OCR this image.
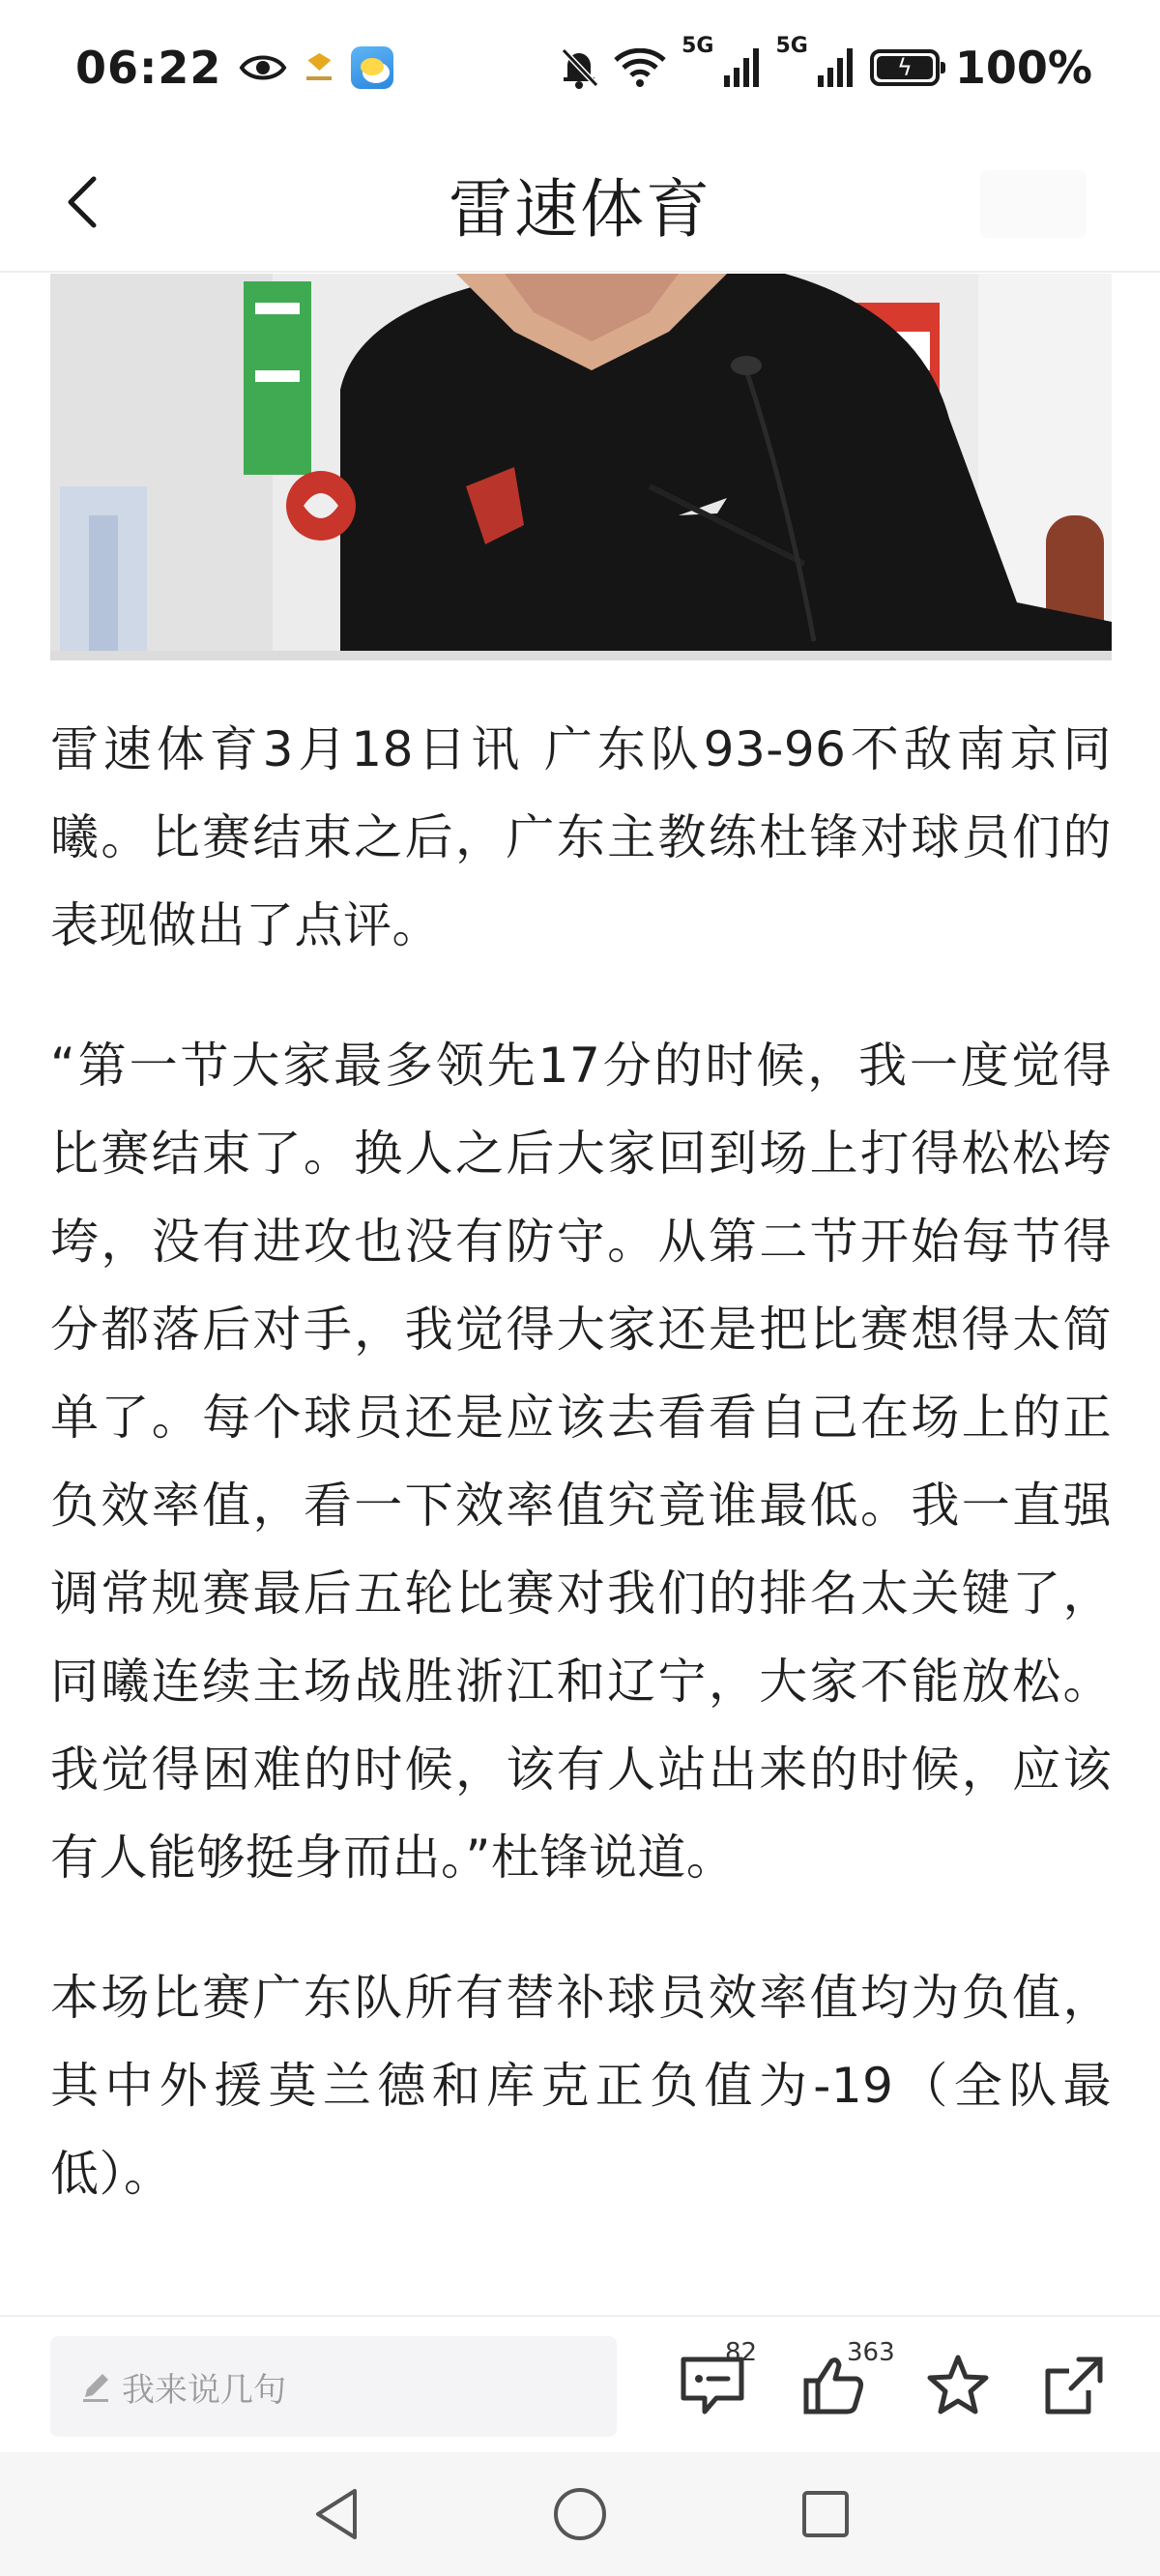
06:22	5G	5G
ϟ 100%
雷速体育

雷速体育3月18日讯 广东队93-96不敌南京同曦。比赛结束之后，广东主教练杜锋对球员们的表现做出了点评。

“第一节大家最多领先17分的时候，我一度觉得比赛结束了。换人之后大家回到场上打得松松垮垮，没有进攻也没有防守。从第二节开始每节得分都落后对手，我觉得大家还是把比赛想得太简单了。每个球员还是应该去看看自己在场上的正负效率值，看一下效率值究竟谁最低。我一直强调常规赛最后五轮比赛对我们的排名太关键了，同曦连续主场战胜浙江和辽宁，大家不能放松。我觉得困难的时候，该有人站出来的时候，应该有人能够挺身而出。”杜锋说道。

本场比赛广东队所有替补球员效率值均为负值，其中外援莫兰德和库克正负值为-19（全队最低）。

我来说几句
82	363
